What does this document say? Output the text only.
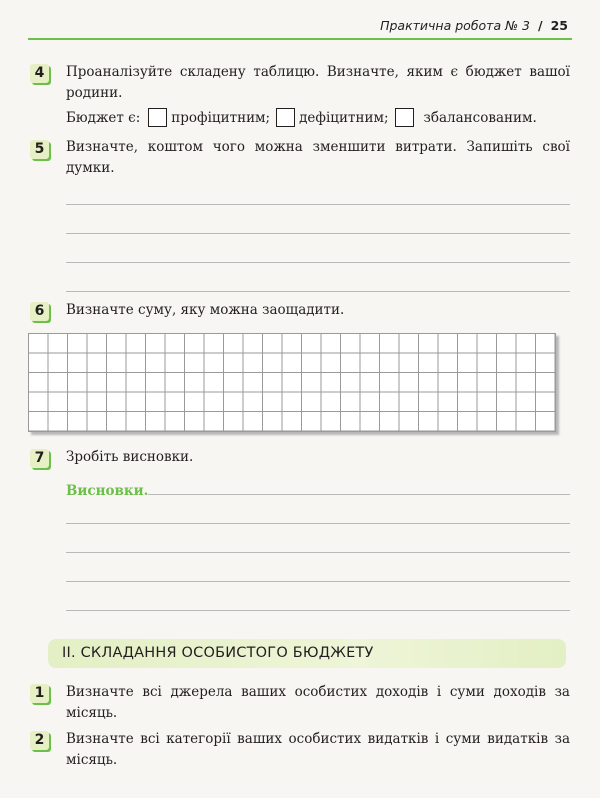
Практична робота № 3 / 25
4	Проаналізуйте складену таблицю. Визначте, яким є бюджет вашої родини.
Бюджет є: профіцитним; дефіцитним;	збалансованим.
5	Визначте, коштом чого можна зменшити витрати. Запишіть свої думки.
6	Визначте суму, яку можна заощадити.
7	Зробіть висновки.
Висновки.
ІІ. СКЛАДАННЯ ОСОБИСТОГО БЮДЖЕТУ
1	Визначте всі джерела ваших особистих доходів і суми доходів за місяць.
2	Визначте всі категорії ваших особистих видатків і суми видатків за місяць.
